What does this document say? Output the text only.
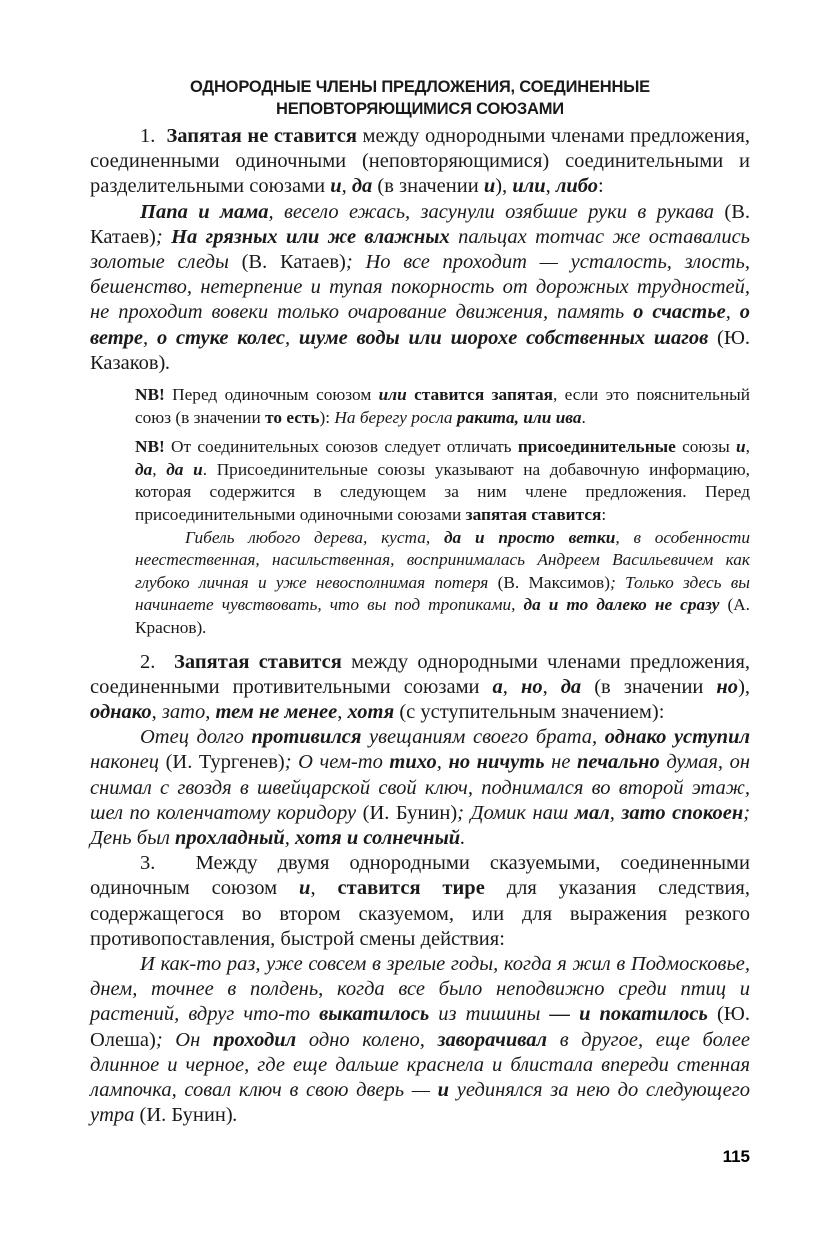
ОДНОРОДНЫЕ ЧЛЕНЫ ПРЕДЛОЖЕНИЯ, СОЕДИНЕННЫЕ
НЕПОВТОРЯЮЩИМИСЯ СОЮЗАМИ

1.  Запятая не ставится между однородными членами предложения, соединенными одиночными (неповторяющимися) соединительными и разделительными союзами и, да (в значении и), или, либо:

Папа и мама, весело ежась, засунули озябшие руки в рукава (В. Катаев); На грязных или же влажных пальцах тотчас же оставались золотые следы (В. Катаев); Но все проходит — усталость, злость, бешенство, нетерпение и тупая покорность от дорожных трудностей, не проходит вовеки только очарование движения, память о счастье, о ветре, о стуке колес, шуме воды или шорохе собственных шагов (Ю. Казаков).

NB! Перед одиночным союзом или ставится запятая, если это пояснительный союз (в значении то есть): На берегу росла ракита, или ива.

NB! От соединительных союзов следует отличать присоединительные союзы и, да, да и. Присоединительные союзы указывают на добавочную информацию, которая содержится в следующем за ним члене предложения. Перед присоединительными одиночными союзами запятая ставится:

Гибель любого дерева, куста, да и просто ветки, в особенности неестественная, насильственная, воспринималась Андреем Васильевичем как глубоко личная и уже невосполнимая потеря (В. Максимов); Только здесь вы начинаете чувствовать, что вы под тропиками, да и то далеко не сразу (А. Краснов).

2.  Запятая ставится между однородными членами предложения, соединенными противительными союзами а, но, да (в значении но), однако, зато, тем не менее, хотя (с уступительным значением):

Отец долго противился увещаниям своего брата, однако уступил наконец (И. Тургенев); О чем-то тихо, но ничуть не печально думая, он снимал с гвоздя в швейцарской свой ключ, поднимался во второй этаж, шел по коленчатому коридору (И. Бунин); Домик наш мал, зато спокоен; День был прохладный, хотя и солнечный.

3.  Между двумя однородными сказуемыми, соединенными одиночным союзом и, ставится тире для указания следствия, содержащегося во втором сказуемом, или для выражения резкого противопоставления, быстрой смены действия:

И как-то раз, уже совсем в зрелые годы, когда я жил в Подмосковье, днем, точнее в полдень, когда все было неподвижно среди птиц и растений, вдруг что-то выкатилось из тишины — и покатилось (Ю. Олеша); Он проходил одно колено, заворачивал в другое, еще более длинное и черное, где еще дальше краснела и блистала впереди стенная лампочка, совал ключ в свою дверь — и уединялся за нею до следующего утра (И. Бунин).

115
